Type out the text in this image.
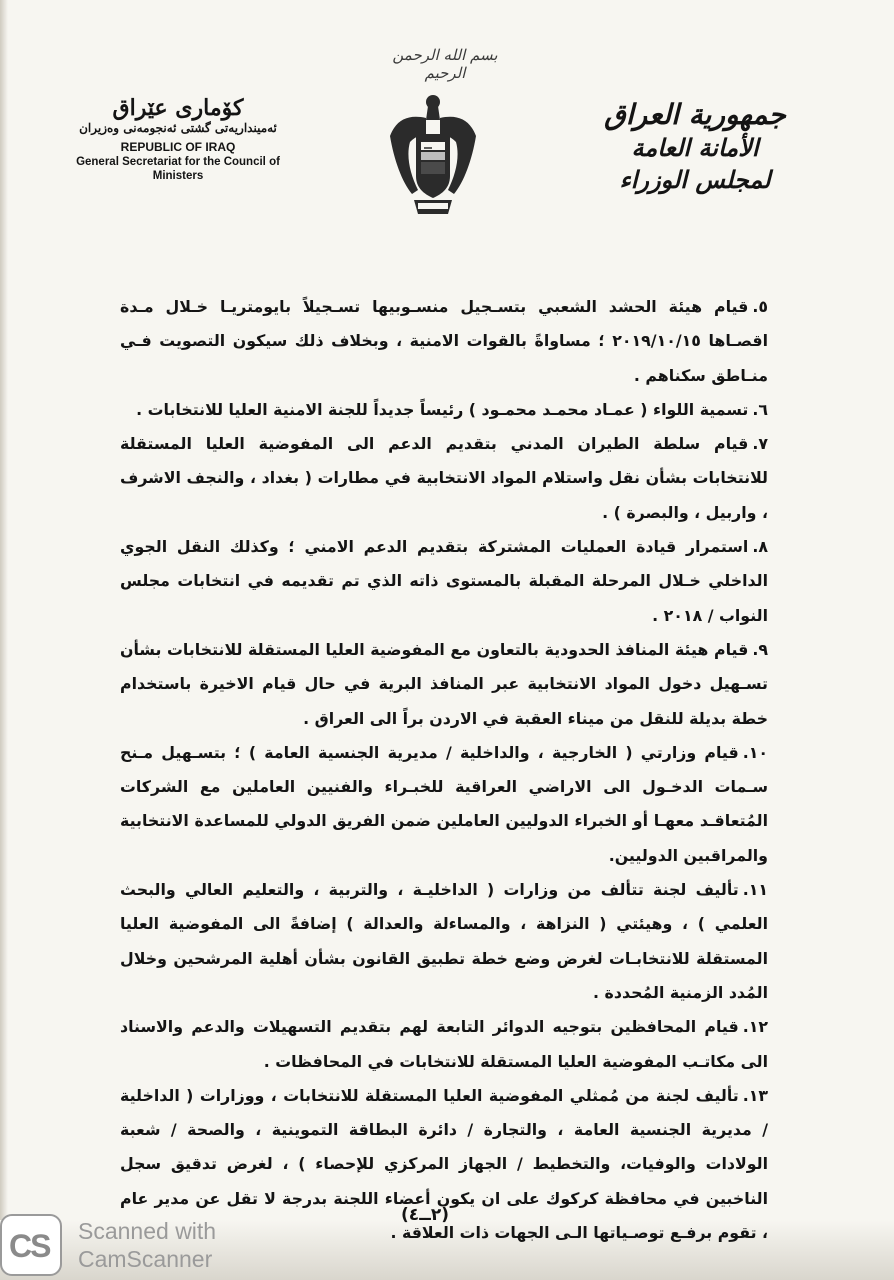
بسم الله الرحمن الرحيم
كۆماری عێراق
ئه‌مینداریه‌تی گشتی ئه‌نجومه‌نی وه‌زیران
REPUBLIC OF IRAQ
General Secretariat for the Council of Ministers
جمهورية العراق
الأمانة العامة لمجلس الوزراء

٥.قيام هيئة الحشد الشعبي بتسـجيل منسـوبيها تسـجيلاً بايومتريـا خـلال مـدة اقصـاها ٢٠١٩/١٠/١٥ ؛ مساواةً بالقوات الامنية ، وبخلاف ذلك سيكون التصويت فـي منـاطق سكناهم .

٦.تسمية اللواء ( عمـاد محمـد محمـود ) رئيساً جديداً للجنة الامنية العليا للانتخابات .

٧.قيام سلطة الطيران المدني بتقديم الدعم الى المفوضية العليا المستقلة للانتخابات بشأن نقل واستلام المواد الانتخابية في مطارات ( بغداد ، والنجف الاشرف ، واربيل ، والبصرة ) .

٨.استمرار قيادة العمليات المشتركة بتقديم الدعم الامني ؛ وكذلك النقل الجوي الداخلي خـلال المرحلة المقبلة بالمستوى ذاته الذي تم تقديمه في انتخابات مجلس النواب / ٢٠١٨ .

٩.قيام هيئة المنافذ الحدودية بالتعاون مع المفوضية العليا المستقلة للانتخابات بشأن تسـهيل دخول المواد الانتخابية عبر المنافذ البرية في حال قيام الاخيرة باستخدام خطة بديلة للنقل من ميناء العقبة في الاردن براً الى العراق .

١٠.قيام وزارتي ( الخارجية ، والداخلية / مديرية الجنسية العامة ) ؛ بتسـهيل مـنح سـمات الدخـول الى الاراضي العراقية للخبـراء والفنيين العاملين مع الشركات المُتعاقـد معهـا أو الخبراء الدوليين العاملين ضمن الفريق الدولي للمساعدة الانتخابية والمراقبين الدوليين.

١١.تأليف لجنة تتألف من وزارات ( الداخليـة ، والتربية ، والتعليم العالي والبحث العلمي ) ، وهيئتي ( النزاهة ، والمساءلة والعدالة ) إضافةً الى المفوضية العليا المستقلة للانتخابـات لغرض وضع خطة تطبيق القانون بشأن أهلية المرشحين وخلال المُدد الزمنية المُحددة .

١٢.قيام المحافظين بتوجيه الدوائر التابعة لهم بتقديم التسهيلات والدعم والاسناد الى مكاتـب المفوضية العليا المستقلة للانتخابات في المحافظات .

١٣.تأليف لجنة من مُمثلي المفوضية العليا المستقلة للانتخابات ، ووزارات ( الداخلية / مديرية الجنسية العامة ، والتجارة / دائرة البطاقة التموينية ، والصحة / شعبة الولادات والوفيات، والتخطيط / الجهاز المركزي للإحصاء ) ، لغرض تدقيق سجل الناخبين في محافظة كركوك على ان يكون أعضاء اللجنة بدرجة لا تقل عن مدير عام ، تقوم برفـع توصـياتها الـى الجهات ذات العلاقة .

(٢ــ٤)
CS Scanned with
CamScanner
